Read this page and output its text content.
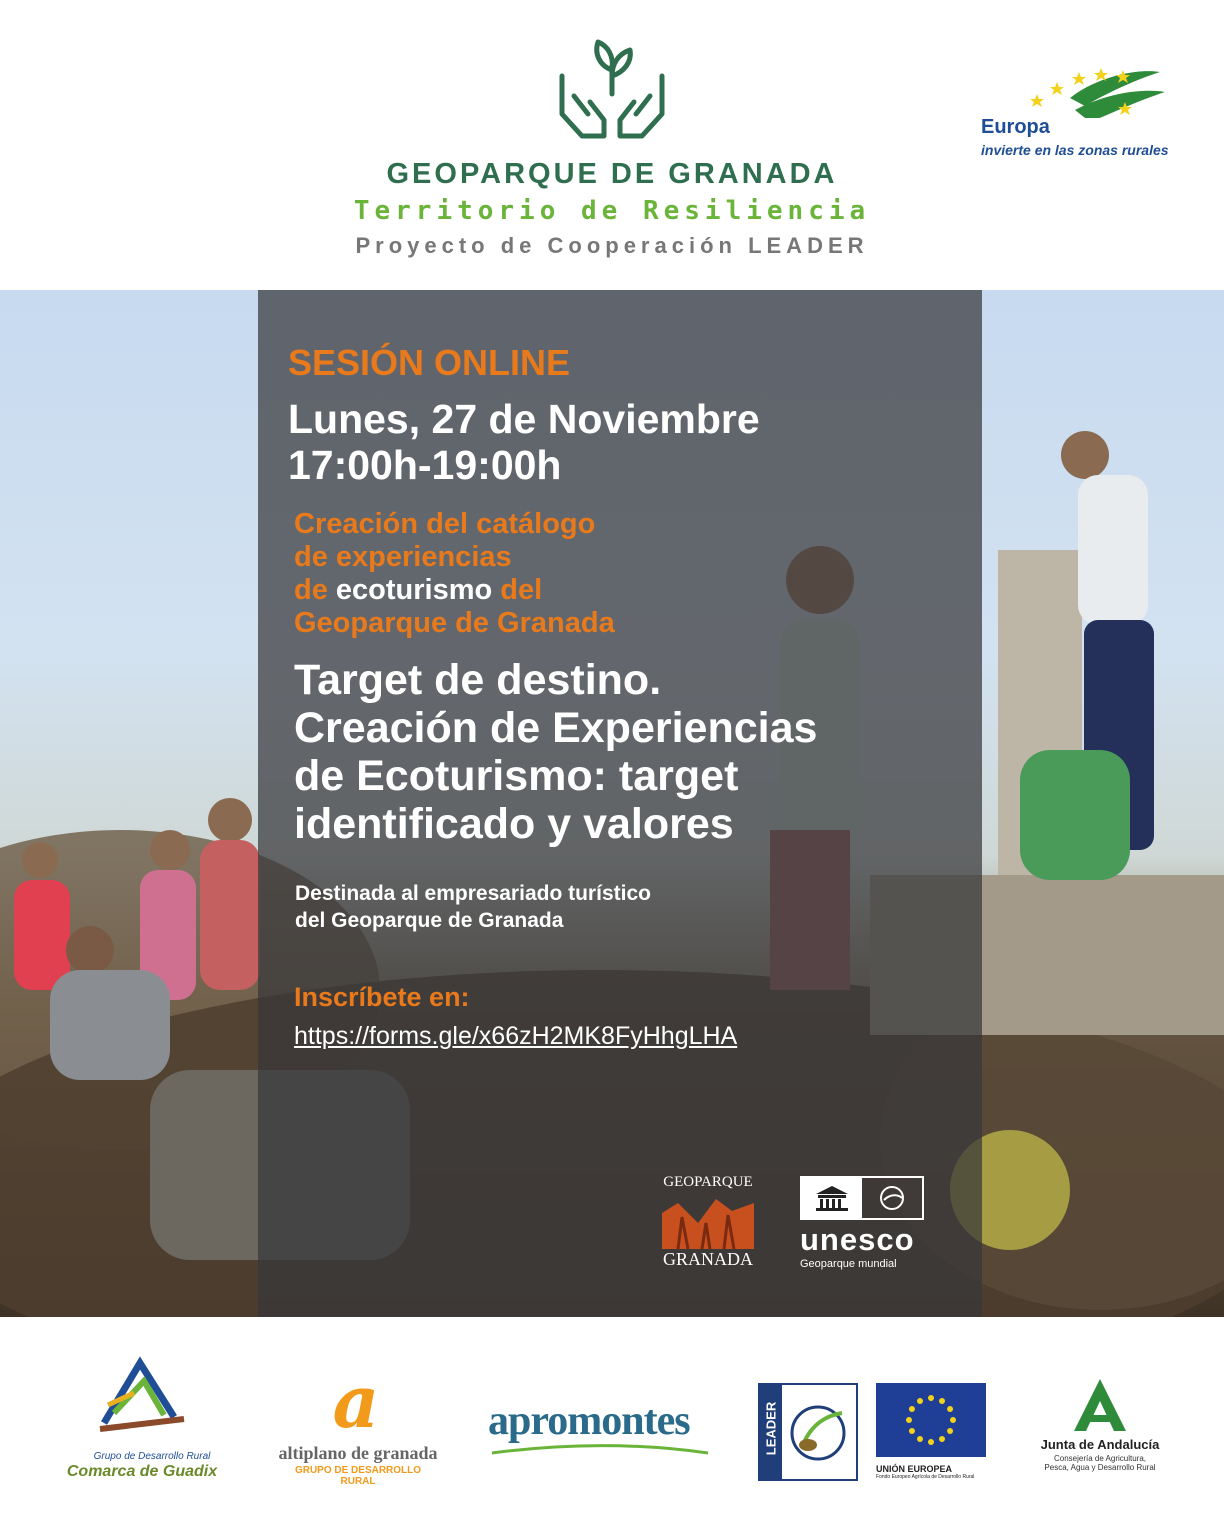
GEOPARQUE DE GRANADA
Territorio de Resiliencia
Proyecto de Cooperación LEADER
Europa
invierte en las zonas rurales
SESIÓN ONLINE
Lunes, 27 de Noviembre
17:00h-19:00h
Creación del catálogo
de experiencias
de ecoturismo del
Geoparque de Granada
Target de destino.
Creación de Experiencias
de Ecoturismo: target
identificado y valores
Destinada al empresariado turístico
del Geoparque de Granada
Inscríbete en:
https://forms.gle/x66zH2MK8FyHhgLHA
GEOPARQUE
GRANADA
unesco
Geoparque mundial
Grupo de Desarrollo Rural
Comarca de Guadix
a
altiplano de granada
GRUPO DE DESARROLLO RURAL
apromontes	LEADER
UNIÓN EUROPEA
Fondo Europeo Agrícola de Desarrollo Rural
Junta de Andalucía
Consejería de Agricultura,
Pesca, Agua y Desarrollo Rural
